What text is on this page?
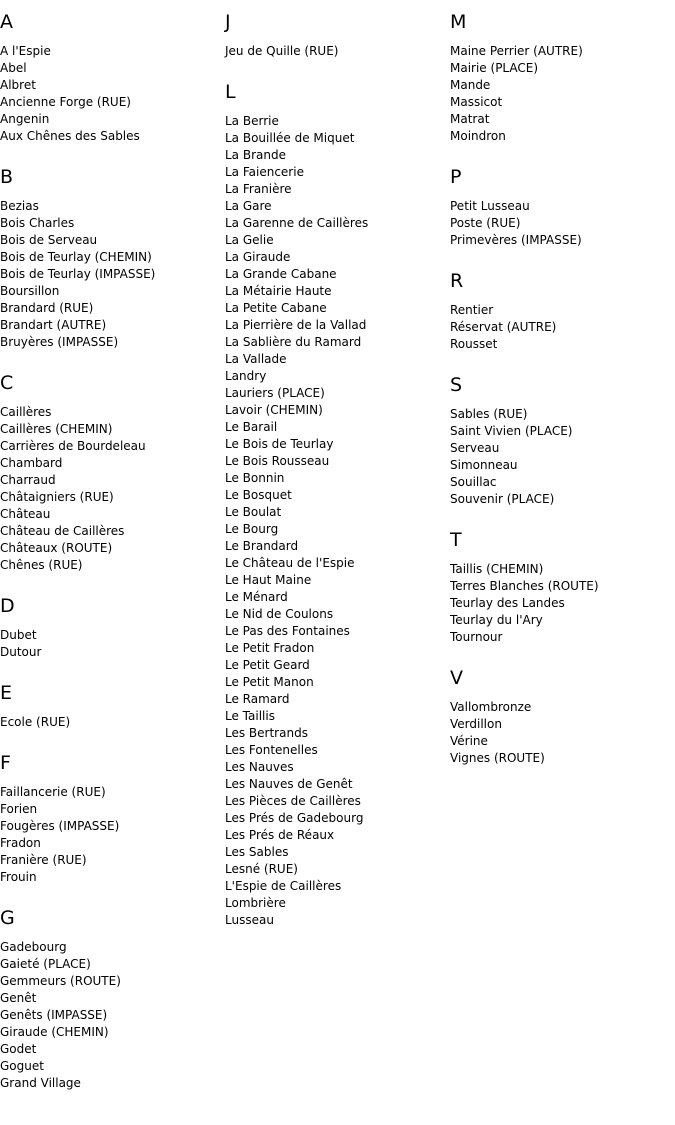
A
A l'Espie
Abel
Albret
Ancienne Forge (RUE)
Angenin
Aux Chênes des Sables
B
Bezias
Bois Charles
Bois de Serveau
Bois de Teurlay (CHEMIN)
Bois de Teurlay (IMPASSE)
Boursillon
Brandard (RUE)
Brandart (AUTRE)
Bruyères (IMPASSE)
C
Caillères
Caillères (CHEMIN)
Carrières de Bourdeleau
Chambard
Charraud
Châtaigniers (RUE)
Château
Château de Caillères
Châteaux (ROUTE)
Chênes (RUE)
D
Dubet
Dutour
E
Ecole (RUE)
F
Faillancerie (RUE)
Forien
Fougères (IMPASSE)
Fradon
Franière (RUE)
Frouin
G
Gadebourg
Gaieté (PLACE)
Gemmeurs (ROUTE)
Genêt
Genêts (IMPASSE)
Giraude (CHEMIN)
Godet
Goguet
Grand Village
J
Jeu de Quille (RUE)
L
La Berrie
La Bouillée de Miquet
La Brande
La Faiencerie
La Franière
La Gare
La Garenne de Caillères
La Gelie
La Giraude
La Grande Cabane
La Métairie Haute
La Petite Cabane
La Pierrière de la Vallad
La Sablière du Ramard
La Vallade
Landry
Lauriers (PLACE)
Lavoir (CHEMIN)
Le Barail
Le Bois de Teurlay
Le Bois Rousseau
Le Bonnin
Le Bosquet
Le Boulat
Le Bourg
Le Brandard
Le Château de l'Espie
Le Haut Maine
Le Ménard
Le Nid de Coulons
Le Pas des Fontaines
Le Petit Fradon
Le Petit Geard
Le Petit Manon
Le Ramard
Le Taillis
Les Bertrands
Les Fontenelles
Les Nauves
Les Nauves de Genêt
Les Pièces de Caillères
Les Prés de Gadebourg
Les Prés de Réaux
Les Sables
Lesné (RUE)
L'Espie de Caillères
Lombrière
Lusseau
M
Maine Perrier (AUTRE)
Mairie (PLACE)
Mande
Massicot
Matrat
Moindron
P
Petit Lusseau
Poste (RUE)
Primevères (IMPASSE)
R
Rentier
Réservat (AUTRE)
Rousset
S
Sables (RUE)
Saint Vivien (PLACE)
Serveau
Simonneau
Souillac
Souvenir (PLACE)
T
Taillis (CHEMIN)
Terres Blanches (ROUTE)
Teurlay des Landes
Teurlay du l'Ary
Tournour
V
Vallombronze
Verdillon
Vérine
Vignes (ROUTE)
